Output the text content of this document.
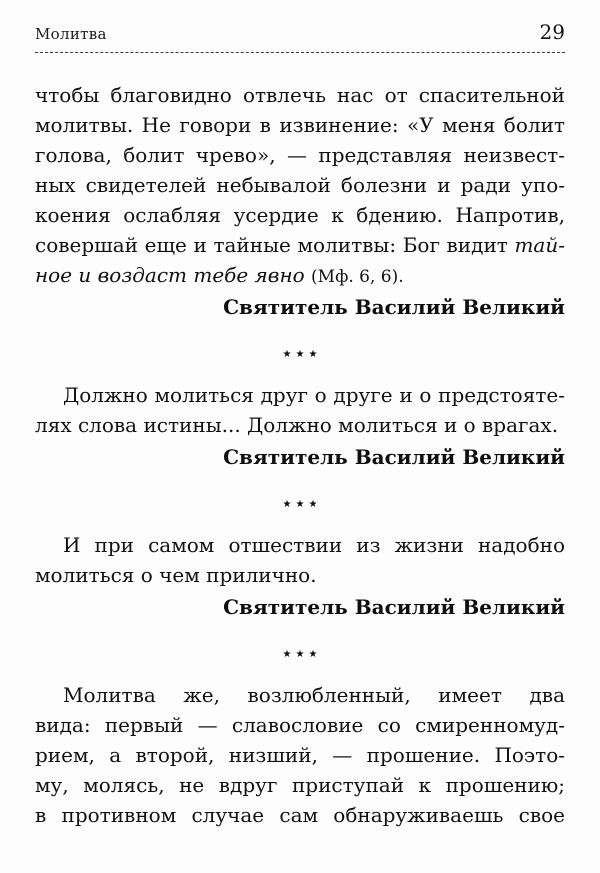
Молитва	29
чтобы благовидно отвлечь нас от спасительной
молитвы. Не говори в извинение: «У меня болит
голова, болит чрево», — представляя неизвест-
ных свидетелей небывалой болезни и ради упо-
коения ослабляя усердие к бдению. Напротив,
совершай еще и тайные молитвы: Бог видит тай-
ное и воздаст тебе явно (Мф. 6, 6).
Святитель Василий Великий
★★★
Должно молиться друг о друге и о предстояте-
лях слова истины... Должно молиться и о врагах.
Святитель Василий Великий
★★★
И при самом отшествии из жизни надобно
молиться о чем прилично.
Святитель Василий Великий
★★★
Молитва же, возлюбленный, имеет два
вида: первый — славословие со смиренномуд-
рием, а второй, низший, — прошение. Поэто-
му, молясь, не вдруг приступай к прошению;
в противном случае сам обнаруживаешь свое
